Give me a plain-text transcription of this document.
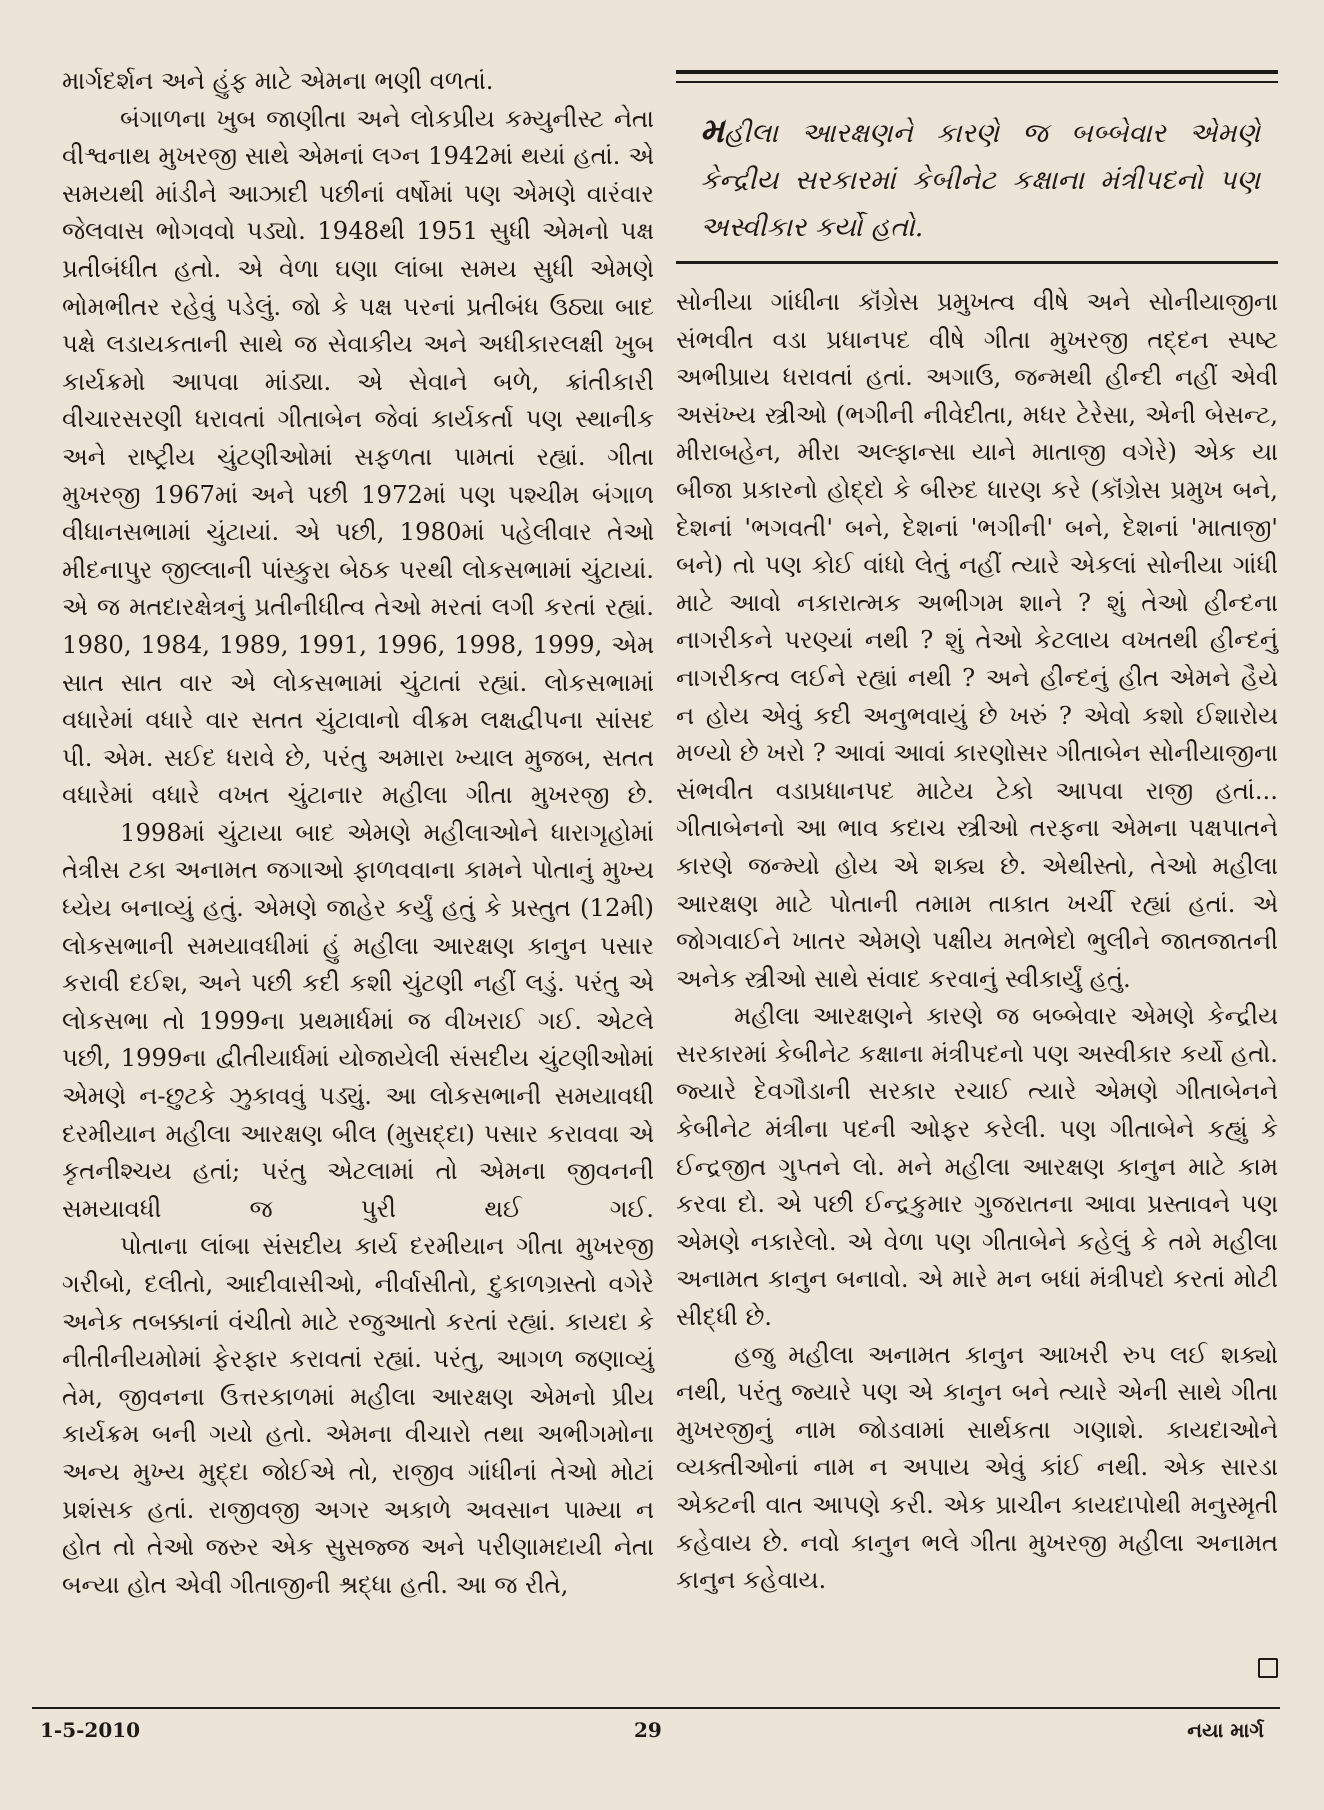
માર્ગદર્શન અને હુંફ માટે એમના ભણી વળતાં.

બંગાળના ખુબ જાણીતા અને લોકપ્રીય કમ્યુનીસ્ટ નેતા વીશ્વનાથ મુખરજી સાથે એમનાં લગ્ન 1942માં થયાં હતાં. એ સમયથી માંડીને આઝાદી પછીનાં વર્ષોમાં પણ એમણે વારંવાર જેલવાસ ભોગવવો પડ્યો. 1948થી 1951 સુધી એમનો પક્ષ પ્રતીબંધીત હતો. એ વેળા ઘણા લાંબા સમય સુધી એમણે ભોમભીતર રહેવું પડેલું. જો કે પક્ષ પરનાં પ્રતીબંધ ઉઠ્યા બાદ પક્ષે લડાયકતાની સાથે જ સેવાકીય અને અધીકારલક્ષી ખુબ કાર્યક્રમો આપવા માંડ્યા. એ સેવાને બળે, ક્રાંતીકારી વીચારસરણી ધરાવતાં ગીતાબેન જેવાં કાર્યકર્તા પણ સ્થાનીક અને રાષ્ટ્રીય ચુંટણીઓમાં સફળતા પામતાં રહ્યાં. ગીતા મુખરજી 1967માં અને પછી 1972માં પણ પશ્ચીમ બંગાળ વીધાનસભામાં ચુંટાયાં. એ પછી, 1980માં પહેલીવાર તેઓ મીદનાપુર જીલ્લાની પાંસ્કુરા બેઠક પરથી લોકસભામાં ચુંટાયાં. એ જ મતદારક્ષેત્રનું પ્રતીનીધીત્વ તેઓ મરતાં લગી કરતાં રહ્યાં. 1980, 1984, 1989, 1991, 1996, 1998, 1999, એમ સાત સાત વાર એ લોકસભામાં ચુંટાતાં રહ્યાં. લોકસભામાં વધારેમાં વધારે વાર સતત ચુંટાવાનો વીક્રમ લક્ષદ્વીપના સાંસદ પી. એમ. સઈદ ધરાવે છે, પરંતુ અમારા ખ્યાલ મુજબ, સતત વધારેમાં વધારે વખત ચુંટાનાર મહીલા ગીતા મુખરજી છે.

1998માં ચુંટાયા બાદ એમણે મહીલાઓને ધારાગૃહોમાં તેત્રીસ ટકા અનામત જગાઓ ફાળવવાના કામને પોતાનું મુખ્ય ધ્યેય બનાવ્યું હતું. એમણે જાહેર કર્યું હતું કે પ્રસ્તુત (12મી) લોકસભાની સમયાવધીમાં હું મહીલા આરક્ષણ કાનુન પસાર કરાવી દઈશ, અને પછી કદી કશી ચુંટણી નહીં લડું. પરંતુ એ લોકસભા તો 1999ના પ્રથમાર્ધમાં જ વીખરાઈ ગઈ. એટલે પછી, 1999ના દ્વીતીયાર્ધમાં યોજાયેલી સંસદીય ચુંટણીઓમાં એમણે ન-છુટકે ઝુકાવવું પડ્યું. આ લોકસભાની સમયાવધી દરમીયાન મહીલા આરક્ષણ બીલ (મુસદ્દા) પસાર કરાવવા એ કૃતનીશ્ચય હતાં; પરંતુ એટલામાં તો એમના જીવનની સમયાવધી જ પુરી થઈ ગઈ.

પોતાના લાંબા સંસદીય કાર્ય દરમીયાન ગીતા મુખરજી ગરીબો, દલીતો, આદીવાસીઓ, નીર્વાસીતો, દુકાળગ્રસ્તો વગેરે અનેક તબક્કાનાં વંચીતો માટે રજુઆતો કરતાં રહ્યાં. કાયદા કે નીતીનીયમોમાં ફેરફાર કરાવતાં રહ્યાં. પરંતુ, આગળ જણાવ્યું તેમ, જીવનના ઉત્તરકાળમાં મહીલા આરક્ષણ એમનો પ્રીય કાર્યક્રમ બની ગયો હતો. એમના વીચારો તથા અભીગમોના અન્ય મુખ્ય મુદ્દા જોઈએ તો, રાજીવ ગાંધીનાં તેઓ મોટાં પ્રશંસક હતાં. રાજીવજી અગર અકાળે અવસાન પામ્યા ન હોત તો તેઓ જરુર એક સુસજ્જ અને પરીણામદાયી નેતા બન્યા હોત એવી ગીતાજીની શ્રદ્ધા હતી. આ જ રીતે,

મહીલા આરક્ષણને કારણે જ બબ્બેવાર એમણે કેન્દ્રીય સરકારમાં કેબીનેટ કક્ષાના મંત્રીપદનો પણ અસ્વીકાર કર્યો હતો.

સોનીયા ગાંધીના કૉંગ્રેસ પ્રમુખત્વ વીષે અને સોનીયાજીના સંભવીત વડા પ્રધાનપદ વીષે ગીતા મુખરજી તદ્દન સ્પષ્ટ અભીપ્રાય ધરાવતાં હતાં. અગાઉ, જન્મથી હીન્દી નહીં એવી અસંખ્ય સ્ત્રીઓ (ભગીની નીવેદીતા, મધર ટેરેસા, એની બેસન્ટ, મીરાબહેન, મીરા અલ્ફાન્સા યાને માતાજી વગેરે) એક યા બીજા પ્રકારનો હોદ્દો કે બીરુદ ધારણ કરે (કૉંગ્રેસ પ્રમુખ બને, દેશનાં 'ભગવતી' બને, દેશનાં 'ભગીની' બને, દેશનાં 'માતાજી' બને) તો પણ કોઈ વાંધો લેતું નહીં ત્યારે એકલાં સોનીયા ગાંધી માટે આવો નકારાત્મક અભીગમ શાને ? શું તેઓ હીન્દના નાગરીકને પરણ્યાં નથી ? શું તેઓ કેટલાય વખતથી હીન્દનું નાગરીકત્વ લઈને રહ્યાં નથી ? અને હીન્દનું હીત એમને હૈયે ન હોય એવું કદી અનુભવાયું છે ખરું ? એવો કશો ઈશારોય મળ્યો છે ખરો ? આવાં આવાં કારણોસર ગીતાબેન સોનીયાજીના સંભવીત વડાપ્રધાનપદ માટેય ટેકો આપવા રાજી હતાં... ગીતાબેનનો આ ભાવ કદાચ સ્ત્રીઓ તરફના એમના પક્ષપાતને કારણે જન્મ્યો હોય એ શક્ય છે. એથીસ્તો, તેઓ મહીલા આરક્ષણ માટે પોતાની તમામ તાકાત ખર્ચી રહ્યાં હતાં. એ જોગવાઈને ખાતર એમણે પક્ષીય મતભેદો ભુલીને જાતજાતની અનેક સ્ત્રીઓ સાથે સંવાદ કરવાનું સ્વીકાર્યું હતું.

મહીલા આરક્ષણને કારણે જ બબ્બેવાર એમણે કેન્દ્રીય સરકારમાં કેબીનેટ કક્ષાના મંત્રીપદનો પણ અસ્વીકાર કર્યો હતો. જ્યારે દેવગૌડાની સરકાર રચાઈ ત્યારે એમણે ગીતાબેનને કેબીનેટ મંત્રીના પદની ઓફર કરેલી. પણ ગીતાબેને કહ્યું કે ઈન્દ્રજીત ગુપ્તને લો. મને મહીલા આરક્ષણ કાનુન માટે કામ કરવા દો. એ પછી ઈન્દ્રકુમાર ગુજરાતના આવા પ્રસ્તાવને પણ એમણે નકારેલો. એ વેળા પણ ગીતાબેને કહેલું કે તમે મહીલા અનામત કાનુન બનાવો. એ મારે મન બધાં મંત્રીપદો કરતાં મોટી સીદ્ધી છે.

હજુ મહીલા અનામત કાનુન આખરી રુપ લઈ શક્યો નથી, પરંતુ જ્યારે પણ એ કાનુન બને ત્યારે એની સાથે ગીતા મુખરજીનું નામ જોડવામાં સાર્થકતા ગણાશે. કાયદાઓને વ્યક્તીઓનાં નામ ન અપાય એવું કાંઈ નથી. એક સારડા એક્ટની વાત આપણે કરી. એક પ્રાચીન કાયદાપોથી મનુસ્મૃતી કહેવાય છે. નવો કાનુન ભલે ગીતા મુખરજી મહીલા અનામત કાનુન કહેવાય.

1-5-2010	29	નયા માર્ગ
